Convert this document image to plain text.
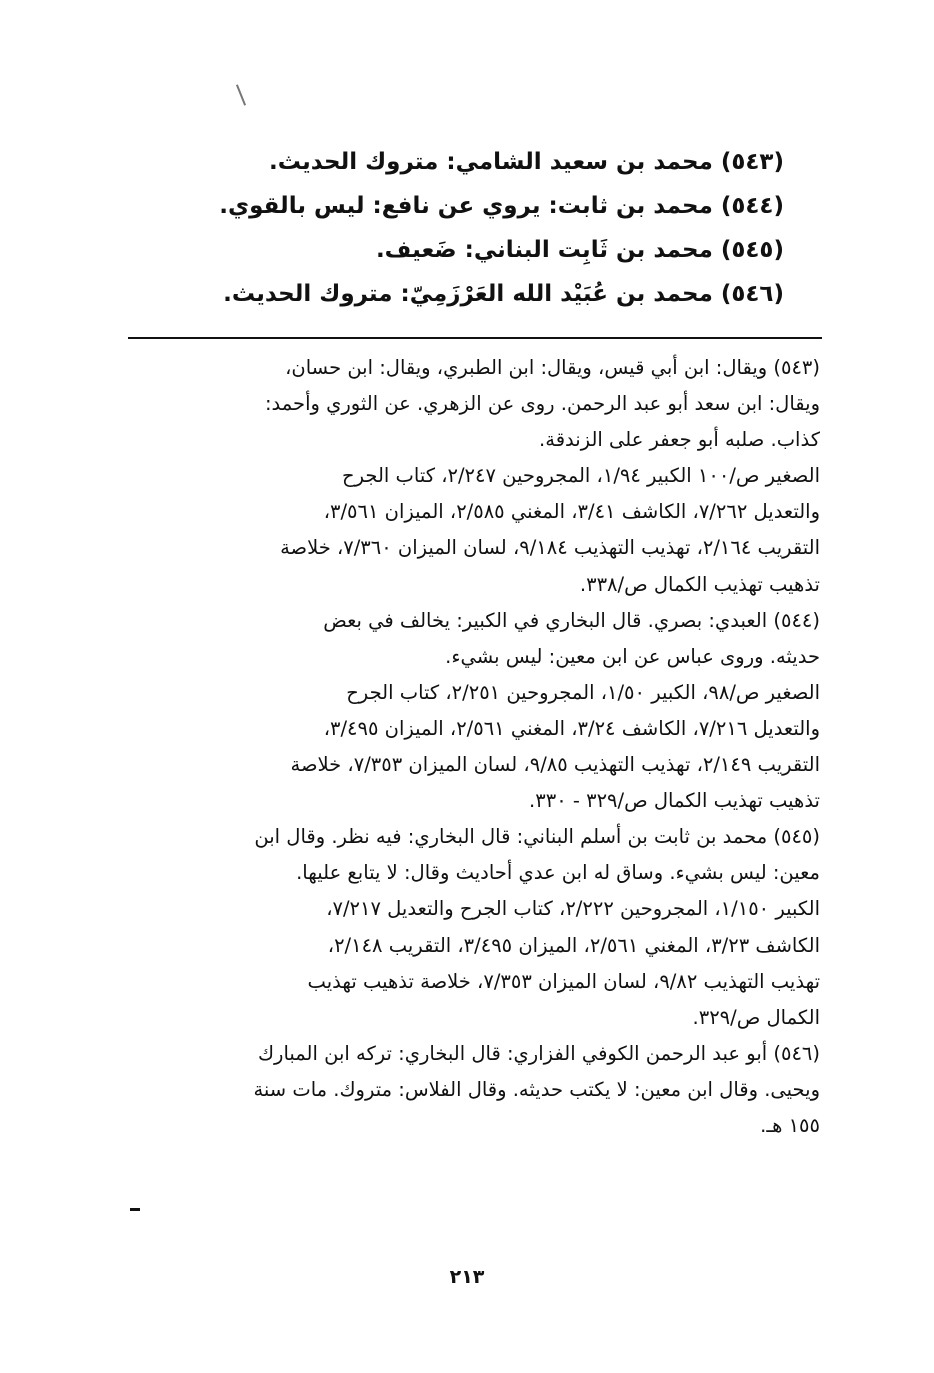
(٥٤٣) محمد بن سعيد الشامي: متروك الحديث.
(٥٤٤) محمد بن ثابت: يروي عن نافع: ليس بالقوي.
(٥٤٥) محمد بن ثَابِت البناني: ضَعيف.
(٥٤٦) محمد بن عُبَيْد الله العَرْزَمِيّ: متروك الحديث.
(٥٤٣) ويقال: ابن أبي قيس، ويقال: ابن الطبري، ويقال: ابن حسان،
ويقال: ابن سعد أبو عبد الرحمن. روى عن الزهري. عن الثوري وأحمد:
كذاب. صلبه أبو جعفر على الزندقة.
الصغير ص/١٠٠ الكبير ١/٩٤، المجروحين ٢/٢٤٧، كتاب الجرح
والتعديل ٧/٢٦٢، الكاشف ٣/٤١، المغني ٢/٥٨٥، الميزان ٣/٥٦١،
التقريب ٢/١٦٤، تهذيب التهذيب ٩/١٨٤، لسان الميزان ٧/٣٦٠، خلاصة
تذهيب تهذيب الكمال ص/٣٣٨.
(٥٤٤) العبدي: بصري. قال البخاري في الكبير: يخالف في بعض
حديثه. وروى عباس عن ابن معين: ليس بشيء.
الصغير ص/٩٨، الكبير ١/٥٠، المجروحين ٢/٢٥١، كتاب الجرح
والتعديل ٧/٢١٦، الكاشف ٣/٢٤، المغني ٢/٥٦١، الميزان ٣/٤٩٥،
التقريب ٢/١٤٩، تهذيب التهذيب ٩/٨٥، لسان الميزان ٧/٣٥٣، خلاصة
تذهيب تهذيب الكمال ص/٣٢٩ - ٣٣٠.
(٥٤٥) محمد بن ثابت بن أسلم البناني: قال البخاري: فيه نظر. وقال ابن
معين: ليس بشيء. وساق له ابن عدي أحاديث وقال: لا يتابع عليها.
الكبير ١/١٥٠، المجروحين ٢/٢٢٢، كتاب الجرح والتعديل ٧/٢١٧،
الكاشف ٣/٢٣، المغني ٢/٥٦١، الميزان ٣/٤٩٥، التقريب ٢/١٤٨،
تهذيب التهذيب ٩/٨٢، لسان الميزان ٧/٣٥٣، خلاصة تذهيب تهذيب
الكمال ص/٣٢٩.
(٥٤٦) أبو عبد الرحمن الكوفي الفزاري: قال البخاري: تركه ابن المبارك
ويحيى. وقال ابن معين: لا يكتب حديثه. وقال الفلاس: متروك. مات سنة
١٥٥ هـ.
٢١٣
